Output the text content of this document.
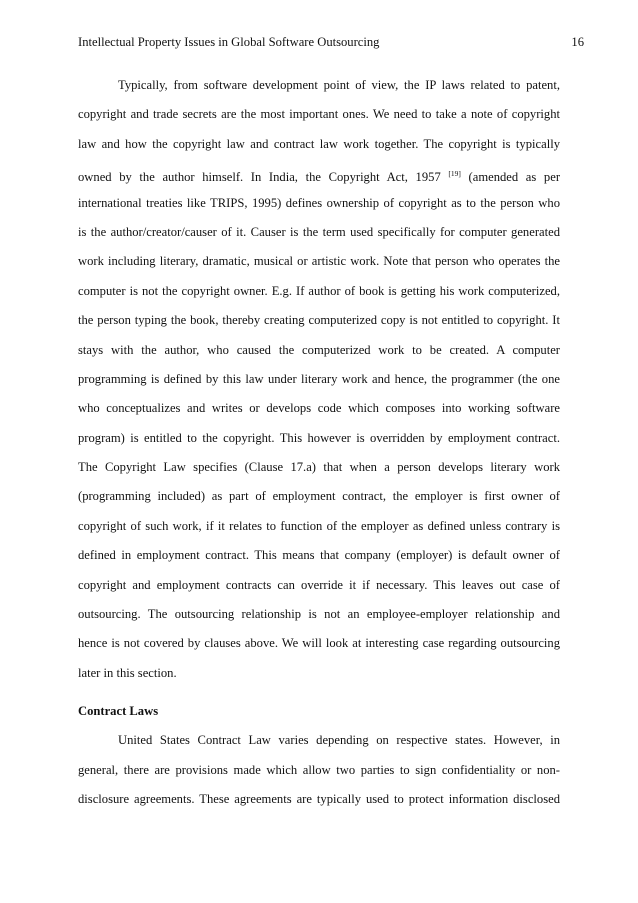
Intellectual Property Issues in Global Software Outsourcing	16
Typically, from software development point of view, the IP laws related to patent,
copyright and trade secrets are the most important ones. We need to take a note of copyright
law and how the copyright law and contract law work together. The copyright is typically
owned by the author himself. In India, the Copyright Act, 1957 [19] (amended as per
international treaties like TRIPS, 1995) defines ownership of copyright as to the person who
is the author/creator/causer of it. Causer is the term used specifically for computer generated
work including literary, dramatic, musical or artistic work. Note that person who operates the
computer is not the copyright owner. E.g. If author of book is getting his work computerized,
the person typing the book, thereby creating computerized copy is not entitled to copyright. It
stays with the author, who caused the computerized work to be created. A computer
programming is defined by this law under literary work and hence, the programmer (the one
who conceptualizes and writes or develops code which composes into working software
program) is entitled to the copyright. This however is overridden by employment contract.
The Copyright Law specifies (Clause 17.a) that when a person develops literary work
(programming included) as part of employment contract, the employer is first owner of
copyright of such work, if it relates to function of the employer as defined unless contrary is
defined in employment contract. This means that company (employer) is default owner of
copyright and employment contracts can override it if necessary. This leaves out case of
outsourcing. The outsourcing relationship is not an employee-employer relationship and
hence is not covered by clauses above. We will look at interesting case regarding outsourcing
later in this section.
Contract Laws
United States Contract Law varies depending on respective states. However, in
general, there are provisions made which allow two parties to sign confidentiality or non-
disclosure agreements. These agreements are typically used to protect information disclosed
